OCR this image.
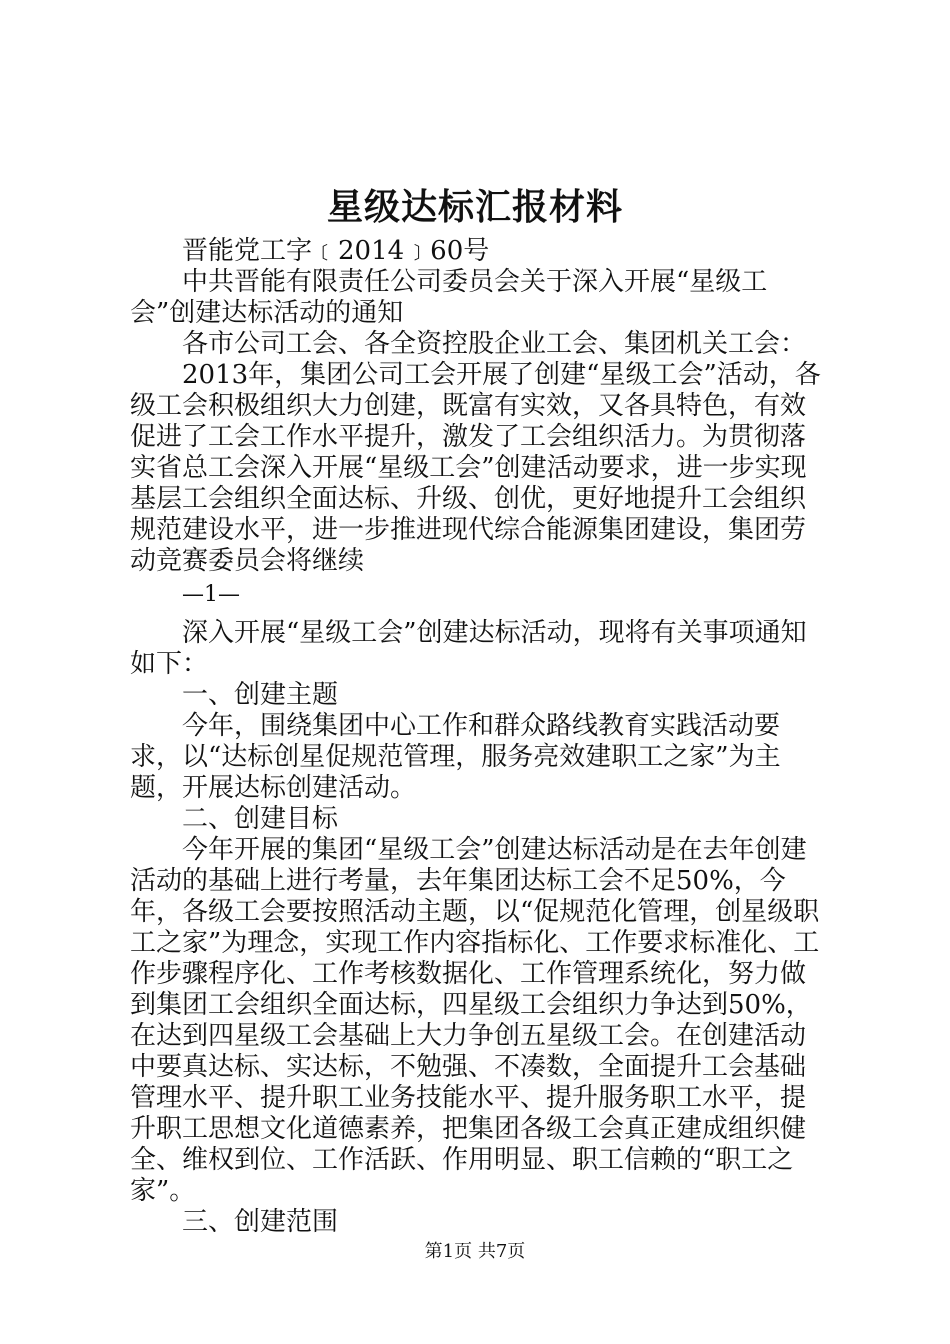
星级达标汇报材料

晋能党工字﹝2014﹞60号

中共晋能有限责任公司委员会关于深入开展“星级工会”创建达标活动的通知

各市公司工会、各全资控股企业工会、集团机关工会：

2013年，集团公司工会开展了创建“星级工会”活动，各级工会积极组织大力创建，既富有实效，又各具特色，有效促进了工会工作水平提升，激发了工会组织活力。为贯彻落实省总工会深入开展“星级工会”创建活动要求，进一步实现基层工会组织全面达标、升级、创优，更好地提升工会组织规范建设水平，进一步推进现代综合能源集团建设，集团劳动竞赛委员会将继续

—1—

深入开展“星级工会”创建达标活动，现将有关事项通知如下：

一、创建主题

今年，围绕集团中心工作和群众路线教育实践活动要求，以“达标创星促规范管理，服务亮效建职工之家”为主题，开展达标创建活动。

二、创建目标

今年开展的集团“星级工会”创建达标活动是在去年创建活动的基础上进行考量，去年集团达标工会不足50%，今年，各级工会要按照活动主题，以“促规范化管理，创星级职工之家”为理念，实现工作内容指标化、工作要求标准化、工作步骤程序化、工作考核数据化、工作管理系统化，努力做到集团工会组织全面达标，四星级工会组织力争达到50%，在达到四星级工会基础上大力争创五星级工会。在创建活动中要真达标、实达标，不勉强、不凑数，全面提升工会基础管理水平、提升职工业务技能水平、提升服务职工水平，提升职工思想文化道德素养，把集团各级工会真正建成组织健全、维权到位、工作活跃、作用明显、职工信赖的“职工之家”。

三、创建范围

第1页 共7页
